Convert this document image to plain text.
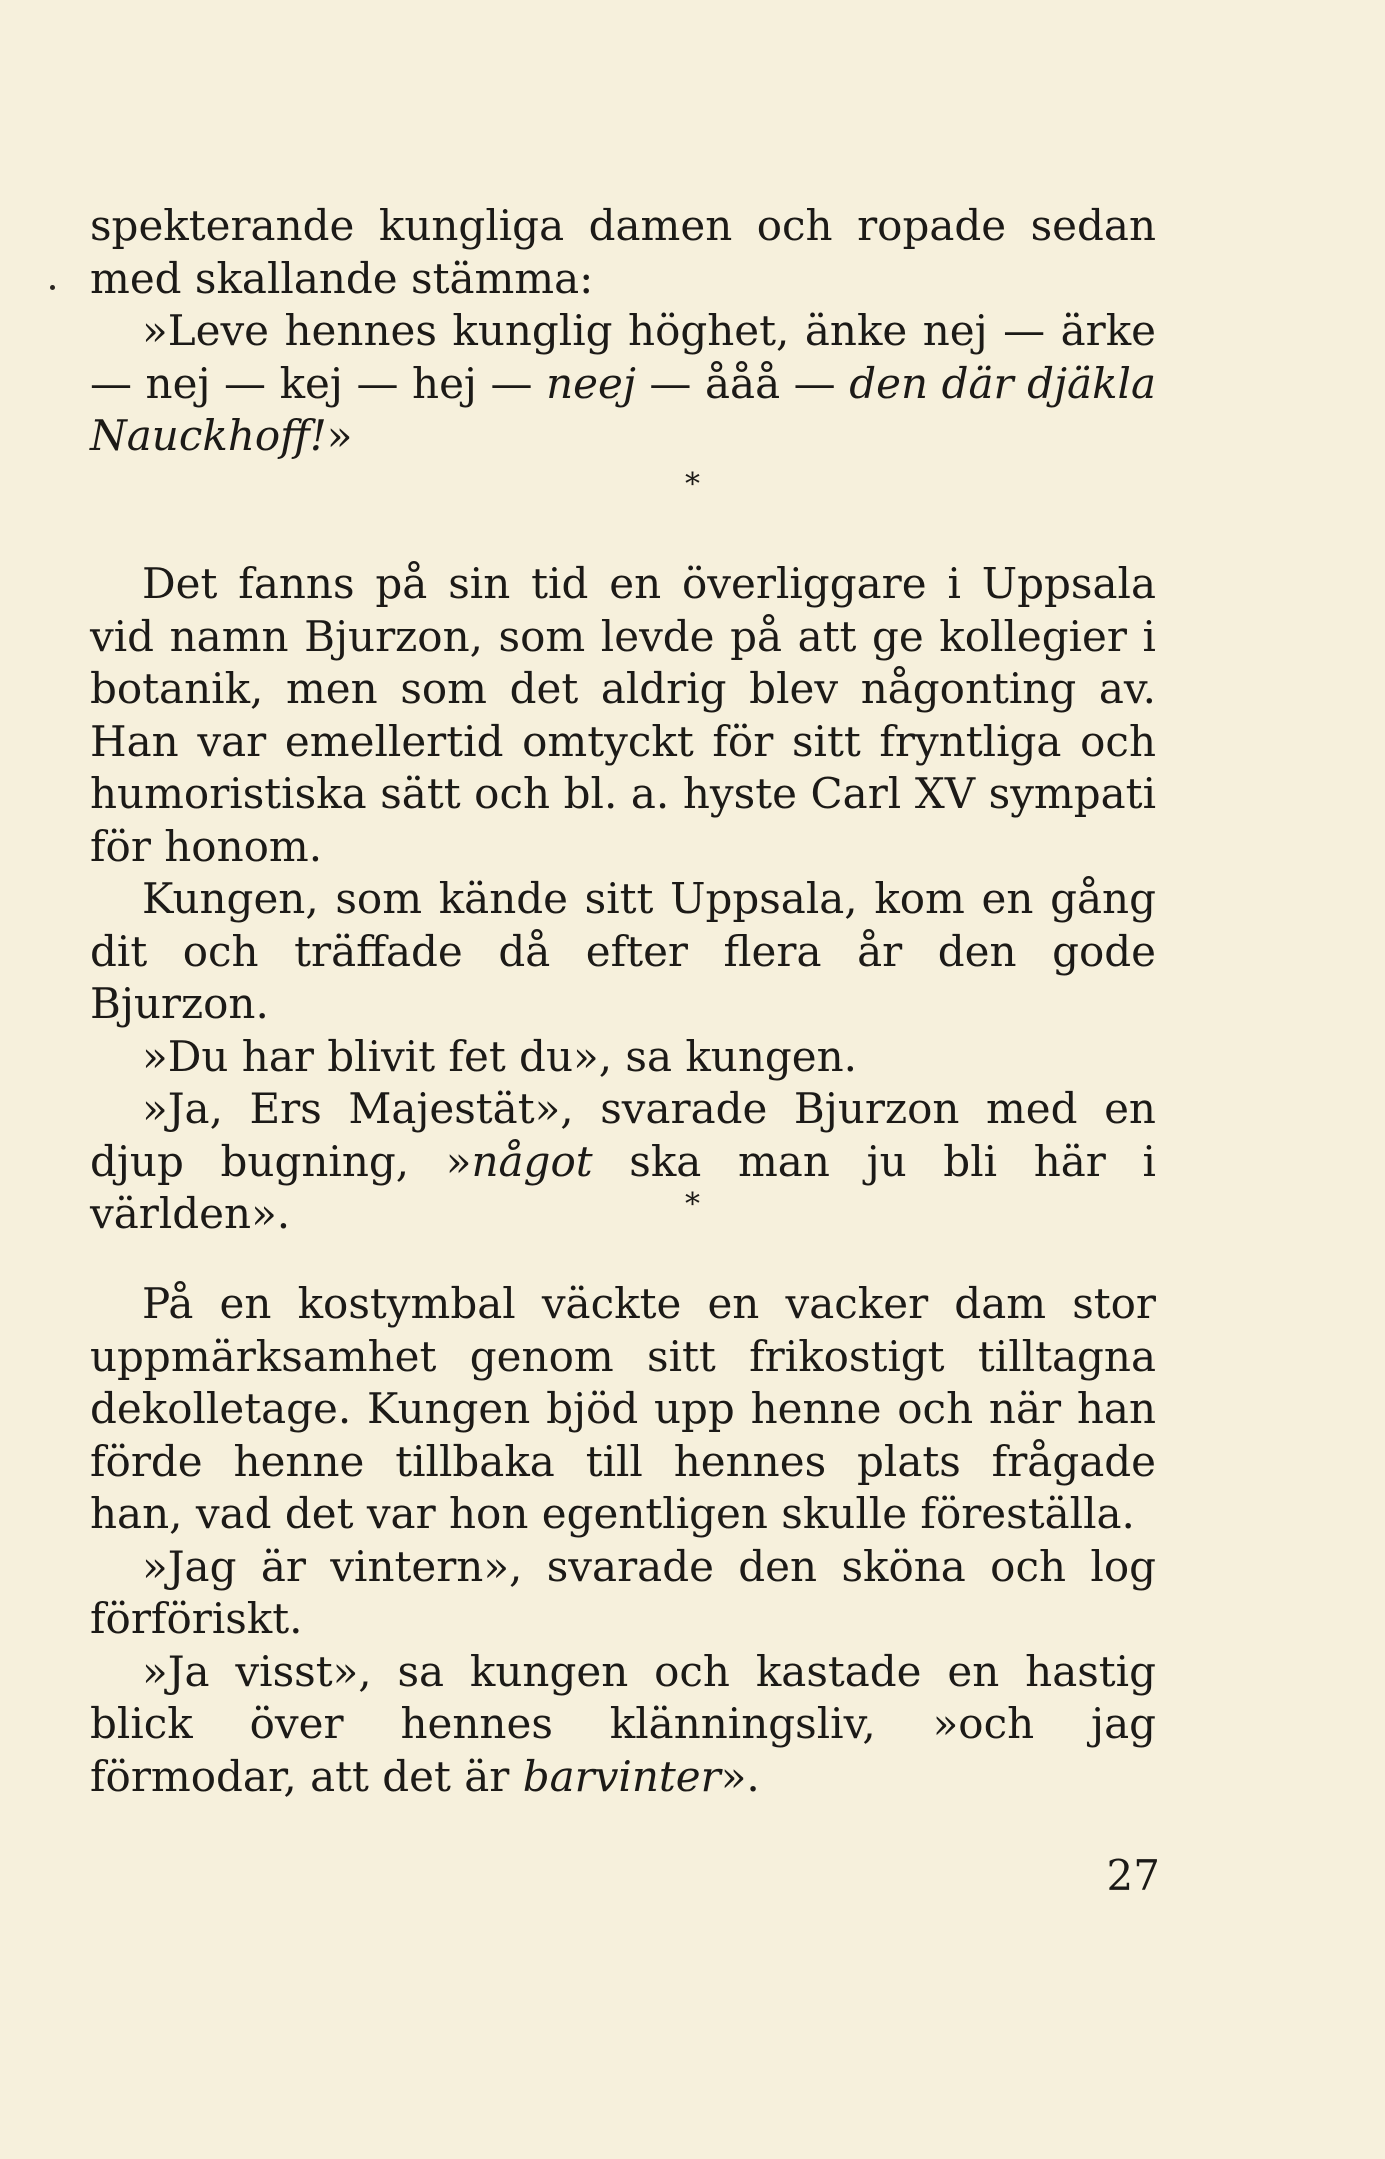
spekterande kungliga damen och ropade sedan med skallande stämma:

»Leve hennes kunglig höghet, änke nej — ärke — nej — kej — hej — neej — ååå — den där djäkla Nauckhoff!»

*

Det fanns på sin tid en överliggare i Uppsala vid namn Bjurzon, som levde på att ge kollegier i botanik, men som det aldrig blev någonting av. Han var emellertid omtyckt för sitt fryntliga och humoristiska sätt och bl. a. hyste Carl XV sympati för honom.

Kungen, som kände sitt Uppsala, kom en gång dit och träffade då efter flera år den gode Bjurzon.

»Du har blivit fet du», sa kungen.

»Ja, Ers Majestät», svarade Bjurzon med en djup bugning, »något ska man ju bli här i världen».	*

På en kostymbal väckte en vacker dam stor uppmärksamhet genom sitt frikostigt tilltagna dekolletage. Kungen bjöd upp henne och när han förde henne tillbaka till hennes plats frågade han, vad det var hon egentligen skulle föreställa.

»Jag är vintern», svarade den sköna och log förföriskt.

»Ja visst», sa kungen och kastade en hastig blick över hennes klänningsliv, »och jag förmodar, att det är barvinter».

27
